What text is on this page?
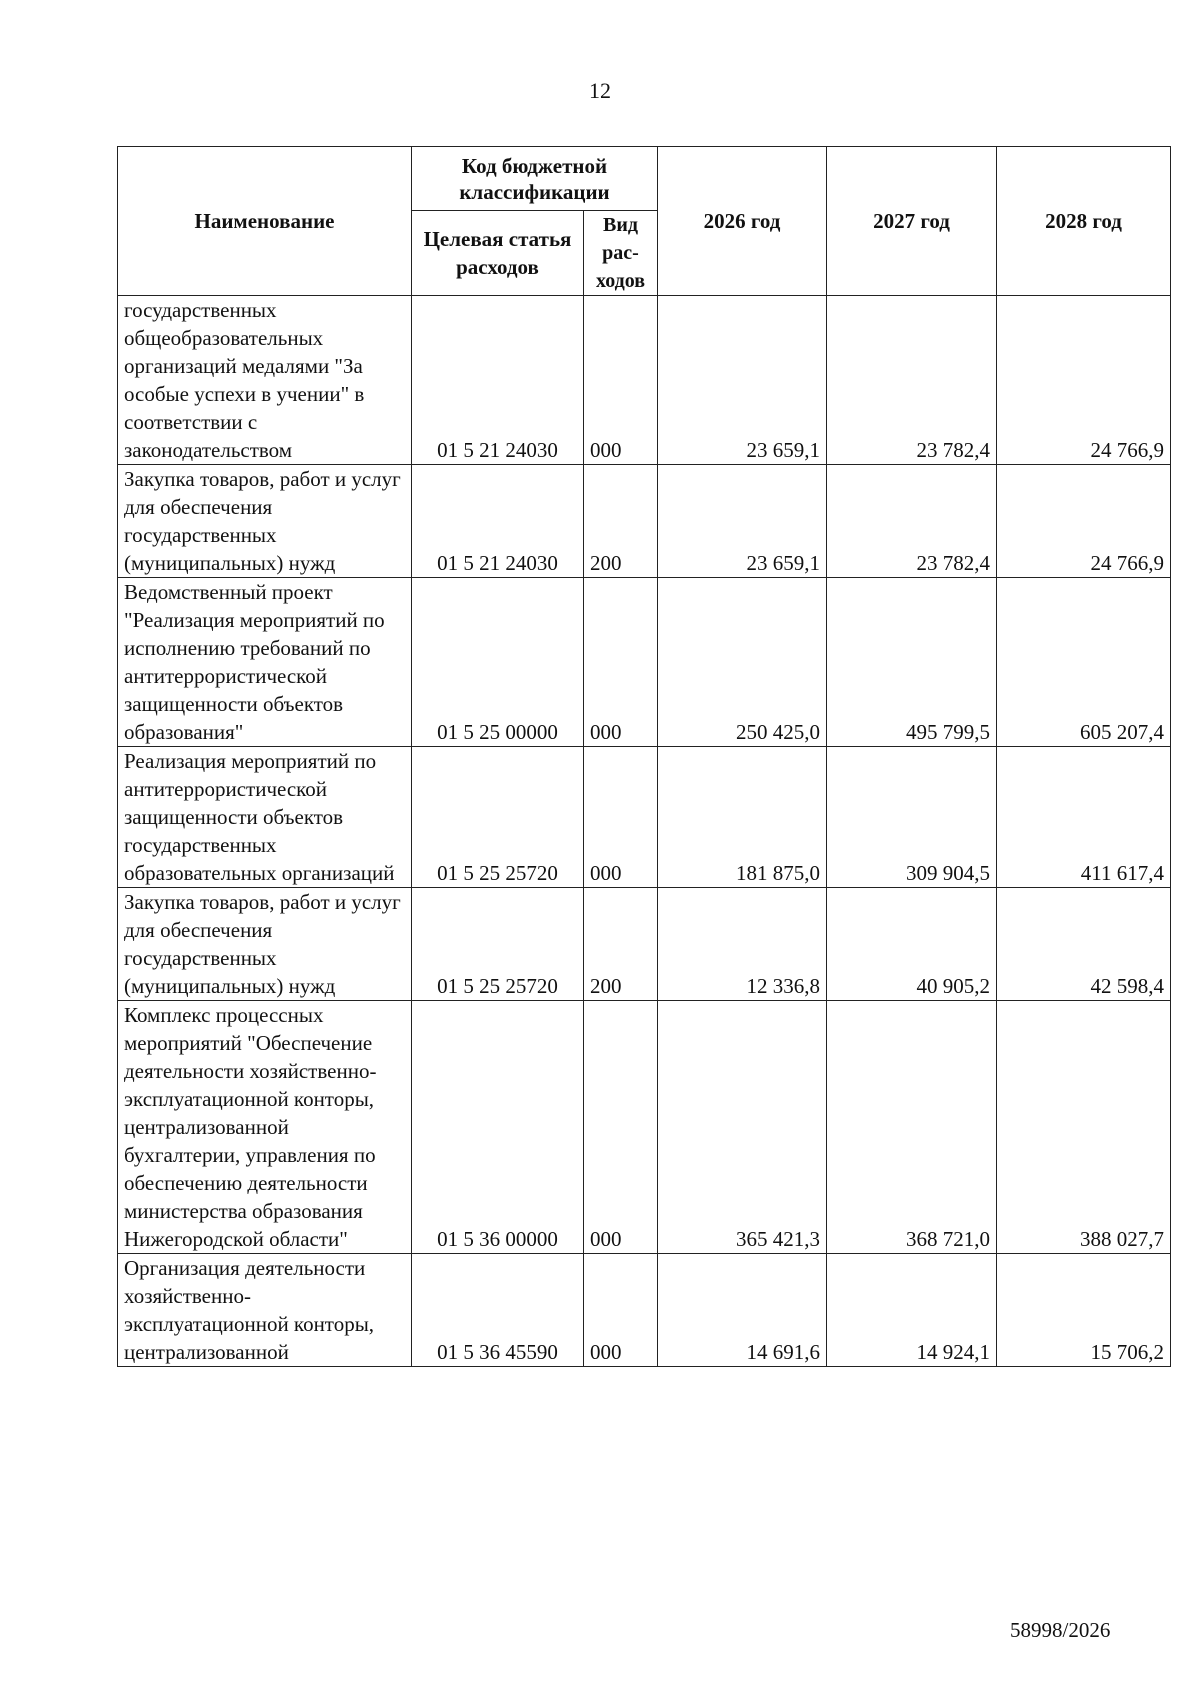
12
Наименование	Код бюджетной классификации		2026 год	2027 год	2028 год
	Целевая статья расходов	Вид рас- ходов			
государственных общеобразовательных организаций медалями "За особые успехи в учении" в соответствии с законодательством	01 5 21 24030	000	23 659,1	23 782,4	24 766,9
Закупка товаров, работ и услуг для обеспечения государственных (муниципальных) нужд	01 5 21 24030	200	23 659,1	23 782,4	24 766,9
Ведомственный проект "Реализация мероприятий по исполнению требований по антитеррористической защищенности объектов образования"	01 5 25 00000	000	250 425,0	495 799,5	605 207,4
Реализация мероприятий по антитеррористической защищенности объектов государственных образовательных организаций	01 5 25 25720	000	181 875,0	309 904,5	411 617,4
Закупка товаров, работ и услуг для обеспечения государственных (муниципальных) нужд	01 5 25 25720	200	12 336,8	40 905,2	42 598,4
Комплекс процессных мероприятий "Обеспечение деятельности хозяйственно-эксплуатационной конторы, централизованной бухгалтерии, управления по обеспечению деятельности министерства образования Нижегородской области"	01 5 36 00000	000	365 421,3	368 721,0	388 027,7
Организация деятельности хозяйственно-эксплуатационной конторы, централизованной	01 5 36 45590	000	14 691,6	14 924,1	15 706,2
58998/2026
